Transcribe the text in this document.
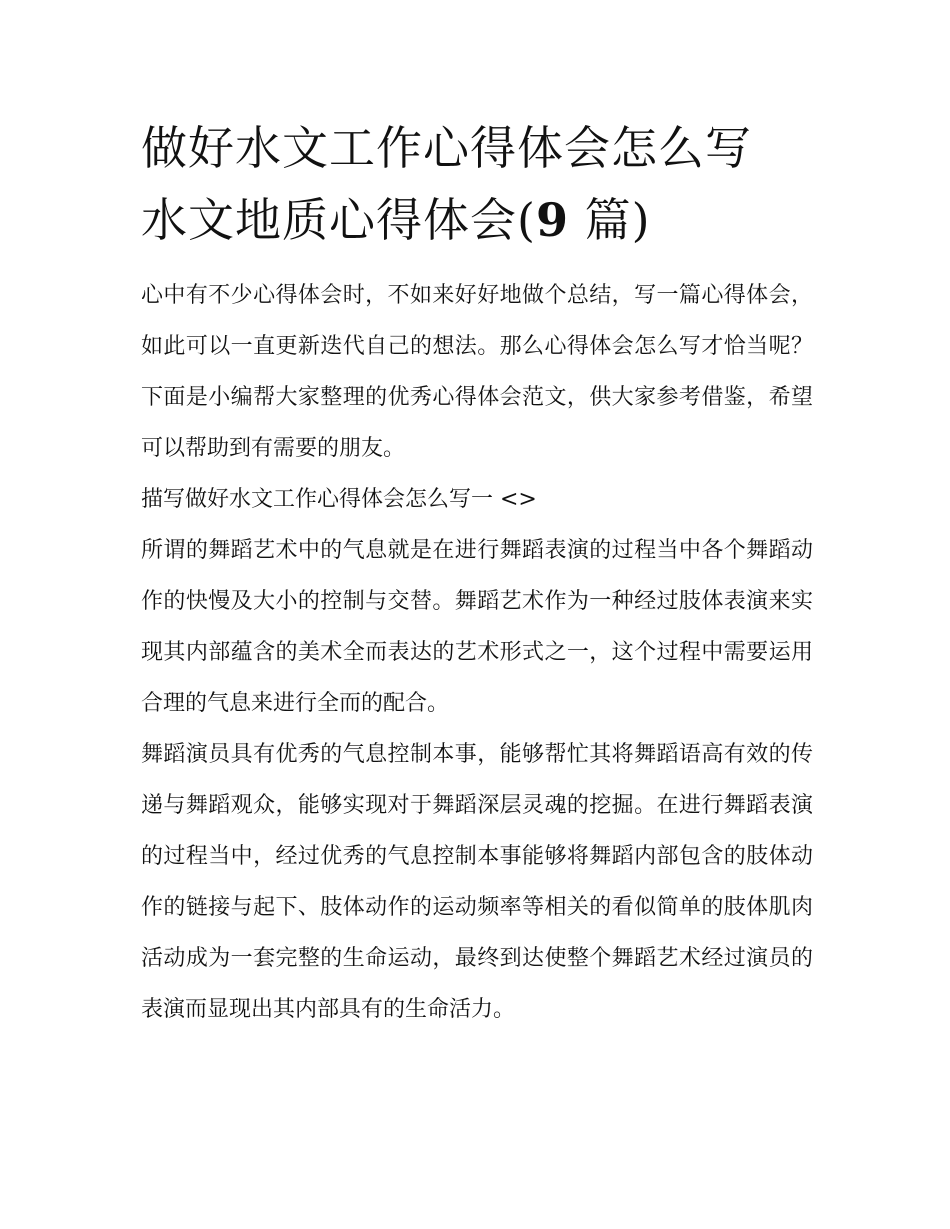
做好水文工作心得体会怎么写
水文地质心得体会(9 篇)

心中有不少心得体会时，不如来好好地做个总结，写一篇心得体会，如此可以一直更新迭代自己的想法。那么心得体会怎么写才恰当呢？下面是小编帮大家整理的优秀心得体会范文，供大家参考借鉴，希望可以帮助到有需要的朋友。

描写做好水文工作心得体会怎么写一 <>

所谓的舞蹈艺术中的气息就是在进行舞蹈表演的过程当中各个舞蹈动作的快慢及大小的控制与交替。舞蹈艺术作为一种经过肢体表演来实现其内部蕴含的美术全而表达的艺术形式之一，这个过程中需要运用合理的气息来进行全而的配合。

舞蹈演员具有优秀的气息控制本事，能够帮忙其将舞蹈语高有效的传递与舞蹈观众，能够实现对于舞蹈深层灵魂的挖掘。在进行舞蹈表演的过程当中，经过优秀的气息控制本事能够将舞蹈内部包含的肢体动作的链接与起下、肢体动作的运动频率等相关的看似简单的肢体肌肉活动成为一套完整的生命运动，最终到达使整个舞蹈艺术经过演员的表演而显现出其内部具有的生命活力。
